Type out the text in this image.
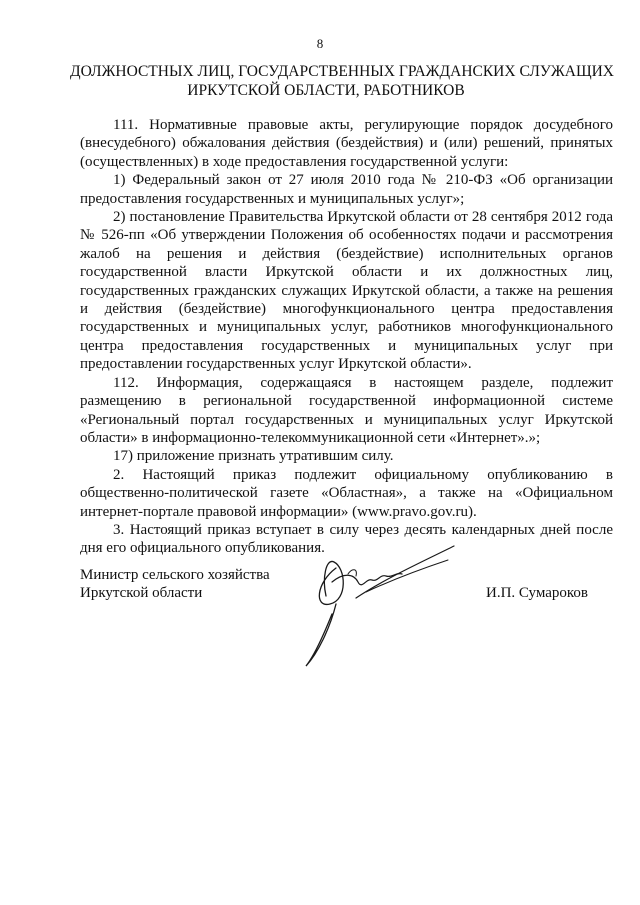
8
ДОЛЖНОСТНЫХ ЛИЦ, ГОСУДАРСТВЕННЫХ ГРАЖДАНСКИХ СЛУЖАЩИХ
ИРКУТСКОЙ ОБЛАСТИ, РАБОТНИКОВ

111. Нормативные правовые акты, регулирующие порядок досудебного (внесудебного) обжалования действия (бездействия) и (или) решений, принятых (осуществленных) в ходе предоставления государственной услуги:

1) Федеральный закон от 27 июля 2010 года № 210-ФЗ «Об организации предоставления государственных и муниципальных услуг»;

2) постановление Правительства Иркутской области от 28 сентября 2012 года № 526-пп «Об утверждении Положения об особенностях подачи и рассмотрения жалоб на решения и действия (бездействие) исполнительных органов государственной власти Иркутской области и их должностных лиц, государственных гражданских служащих Иркутской области, а также на решения и действия (бездействие) многофункционального центра предоставления государственных и муниципальных услуг, работников многофункционального центра предоставления государственных и муниципальных услуг при предоставлении государственных услуг Иркутской области».

112. Информация, содержащаяся в настоящем разделе, подлежит размещению в региональной государственной информационной системе «Региональный портал государственных и муниципальных услуг Иркутской области» в информационно-телекоммуникационной сети «Интернет».»;

17) приложение признать утратившим силу.

2. Настоящий приказ подлежит официальному опубликованию в общественно-политической газете «Областная», а также на «Официальном интернет-портале правовой информации» (www.pravo.gov.ru).

3. Настоящий приказ вступает в силу через десять календарных дней после дня его официального опубликования.

Министр сельского хозяйства
Иркутской области	И.П. Сумароков
